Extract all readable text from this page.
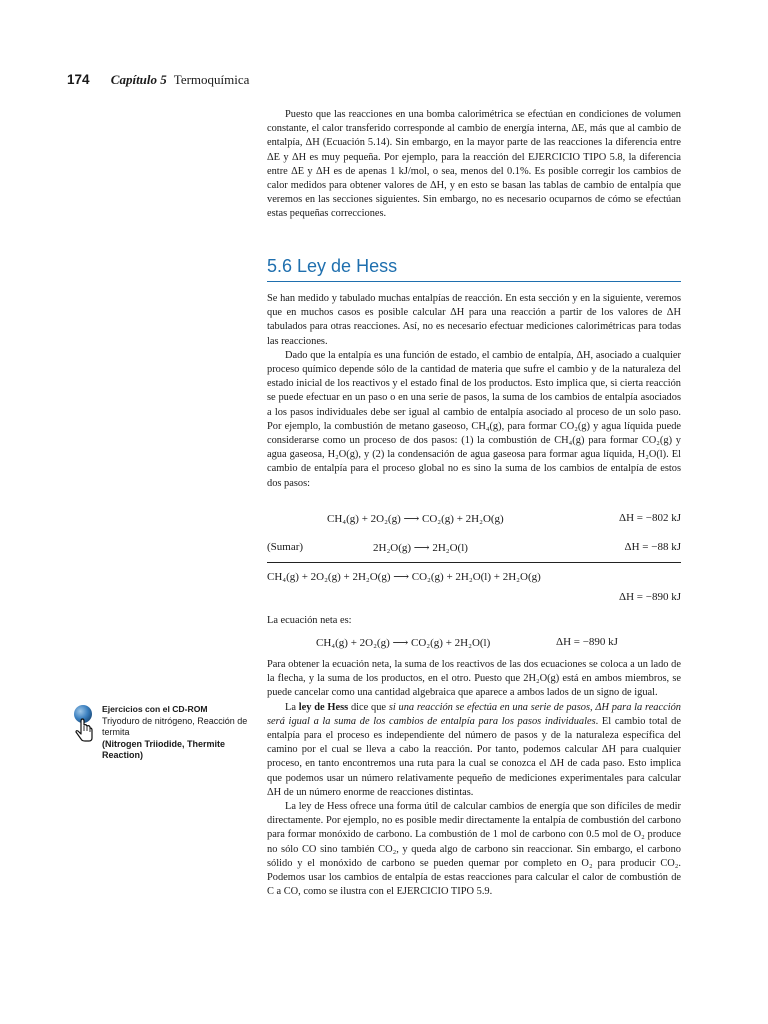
174 Capítulo 5 Termoquímica

Puesto que las reacciones en una bomba calorimétrica se efectúan en condiciones de volumen constante, el calor transferido corresponde al cambio de energía interna, ΔE, más que al cambio de entalpía, ΔH (Ecuación 5.14). Sin embargo, en la mayor parte de las reacciones la diferencia entre ΔE y ΔH es muy pequeña. Por ejemplo, para la reacción del EJERCICIO TIPO 5.8, la diferencia entre ΔE y ΔH es de apenas 1 kJ/mol, o sea, menos del 0.1%. Es posible corregir los cambios de calor medidos para obtener valores de ΔH, y en esto se basan las tablas de cambio de entalpía que veremos en las secciones siguientes. Sin embargo, no es necesario ocuparnos de cómo se efectúan estas pequeñas correcciones.

5.6 Ley de Hess

Se han medido y tabulado muchas entalpías de reacción. En esta sección y en la siguiente, veremos que en muchos casos es posible calcular ΔH para una reacción a partir de los valores de ΔH tabulados para otras reacciones. Así, no es necesario efectuar mediciones calorimétricas para todas las reacciones.

Dado que la entalpía es una función de estado, el cambio de entalpía, ΔH, asociado a cualquier proceso químico depende sólo de la cantidad de materia que sufre el cambio y de la naturaleza del estado inicial de los reactivos y el estado final de los productos. Esto implica que, si cierta reacción se puede efectuar en un paso o en una serie de pasos, la suma de los cambios de entalpía asociados a los pasos individuales debe ser igual al cambio de entalpía asociado al proceso de un solo paso. Por ejemplo, la combustión de metano gaseoso, CH₄(g), para formar CO₂(g) y agua líquida puede considerarse como un proceso de dos pasos: (1) la combustión de CH₄(g) para formar CO₂(g) y agua gaseosa, H₂O(g), y (2) la condensación de agua gaseosa para formar agua líquida, H₂O(l). El cambio de entalpía para el proceso global no es sino la suma de los cambios de entalpía de estos dos pasos:

CH₄(g) + 2O₂(g) ⟶ CO₂(g) + 2H₂O(g)	ΔH = −802 kJ
(Sumar)	2H₂O(g) ⟶ 2H₂O(l)	ΔH = −88 kJ
CH₄(g) + 2O₂(g) + 2H₂O(g) ⟶ CO₂(g) + 2H₂O(l) + 2H₂O(g)
ΔH = −890 kJ

La ecuación neta es:

CH₄(g) + 2O₂(g) ⟶ CO₂(g) + 2H₂O(l)	ΔH = −890 kJ

Para obtener la ecuación neta, la suma de los reactivos de las dos ecuaciones se coloca a un lado de la flecha, y la suma de los productos, en el otro. Puesto que 2H₂O(g) está en ambos miembros, se puede cancelar como una cantidad algebraica que aparece a ambos lados de un signo de igual.

La ley de Hess dice que si una reacción se efectúa en una serie de pasos, ΔH para la reacción será igual a la suma de los cambios de entalpía para los pasos individuales. El cambio total de entalpía para el proceso es independiente del número de pasos y de la naturaleza específica del camino por el cual se lleva a cabo la reacción. Por tanto, podemos calcular ΔH para cualquier proceso, en tanto encontremos una ruta para la cual se conozca el ΔH de cada paso. Esto implica que podemos usar un número relativamente pequeño de mediciones experimentales para calcular ΔH de un número enorme de reacciones distintas.

La ley de Hess ofrece una forma útil de calcular cambios de energía que son difíciles de medir directamente. Por ejemplo, no es posible medir directamente la entalpía de combustión del carbono para formar monóxido de carbono. La combustión de 1 mol de carbono con 0.5 mol de O₂ produce no sólo CO sino también CO₂, y queda algo de carbono sin reaccionar. Sin embargo, el carbono sólido y el monóxido de carbono se pueden quemar por completo en O₂ para producir CO₂. Podemos usar los cambios de entalpía de estas reacciones para calcular el calor de combustión de C a CO, como se ilustra con el EJERCICIO TIPO 5.9.

Ejercicios con el CD-ROM
Triyoduro de nitrógeno, Reacción de termita
(Nitrogen Triiodide, Thermite Reaction)
